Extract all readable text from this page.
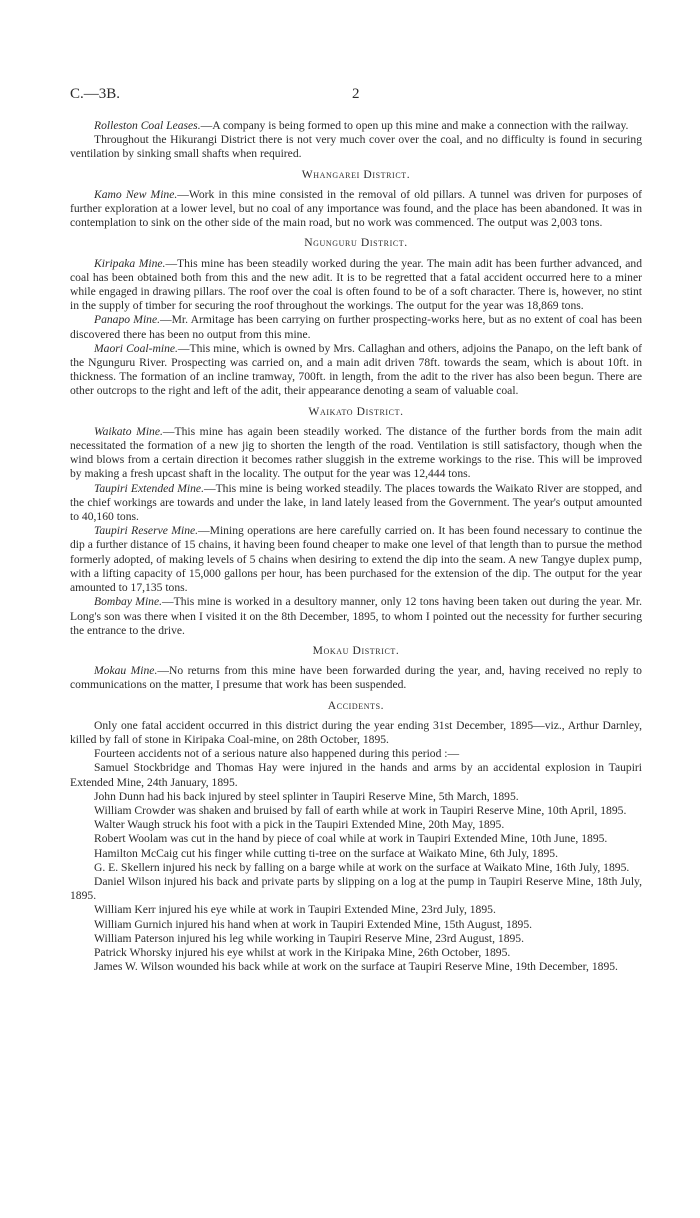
C.—3B.	2

Rolleston Coal Leases.—A company is being formed to open up this mine and make a connection with the railway.

Throughout the Hikurangi District there is not very much cover over the coal, and no difficulty is found in securing ventilation by sinking small shafts when required.

Whangarei District.

Kamo New Mine.—Work in this mine consisted in the removal of old pillars. A tunnel was driven for purposes of further exploration at a lower level, but no coal of any importance was found, and the place has been abandoned. It was in contemplation to sink on the other side of the main road, but no work was commenced. The output was 2,003 tons.

Ngunguru District.

Kiripaka Mine.—This mine has been steadily worked during the year. The main adit has been further advanced, and coal has been obtained both from this and the new adit. It is to be regretted that a fatal accident occurred here to a miner while engaged in drawing pillars. The roof over the coal is often found to be of a soft character. There is, however, no stint in the supply of timber for securing the roof throughout the workings. The output for the year was 18,869 tons.

Panapo Mine.—Mr. Armitage has been carrying on further prospecting-works here, but as no extent of coal has been discovered there has been no output from this mine.

Maori Coal-mine.—This mine, which is owned by Mrs. Callaghan and others, adjoins the Panapo, on the left bank of the Ngunguru River. Prospecting was carried on, and a main adit driven 78ft. towards the seam, which is about 10ft. in thickness. The formation of an incline tramway, 700ft. in length, from the adit to the river has also been begun. There are other outcrops to the right and left of the adit, their appearance denoting a seam of valuable coal.

Waikato District.

Waikato Mine.—This mine has again been steadily worked. The distance of the further bords from the main adit necessitated the formation of a new jig to shorten the length of the road. Ventilation is still satisfactory, though when the wind blows from a certain direction it becomes rather sluggish in the extreme workings to the rise. This will be improved by making a fresh upcast shaft in the locality. The output for the year was 12,444 tons.

Taupiri Extended Mine.—This mine is being worked steadily. The places towards the Waikato River are stopped, and the chief workings are towards and under the lake, in land lately leased from the Government. The year's output amounted to 40,160 tons.

Taupiri Reserve Mine.—Mining operations are here carefully carried on. It has been found necessary to continue the dip a further distance of 15 chains, it having been found cheaper to make one level of that length than to pursue the method formerly adopted, of making levels of 5 chains when desiring to extend the dip into the seam. A new Tangye duplex pump, with a lifting capacity of 15,000 gallons per hour, has been purchased for the extension of the dip. The output for the year amounted to 17,135 tons.

Bombay Mine.—This mine is worked in a desultory manner, only 12 tons having been taken out during the year. Mr. Long's son was there when I visited it on the 8th December, 1895, to whom I pointed out the necessity for further securing the entrance to the drive.

Mokau District.

Mokau Mine.—No returns from this mine have been forwarded during the year, and, having received no reply to communications on the matter, I presume that work has been suspended.

Accidents.

Only one fatal accident occurred in this district during the year ending 31st December, 1895—viz., Arthur Darnley, killed by fall of stone in Kiripaka Coal-mine, on 28th October, 1895.

Fourteen accidents not of a serious nature also happened during this period :—

Samuel Stockbridge and Thomas Hay were injured in the hands and arms by an accidental explosion in Taupiri Extended Mine, 24th January, 1895.

John Dunn had his back injured by steel splinter in Taupiri Reserve Mine, 5th March, 1895.

William Crowder was shaken and bruised by fall of earth while at work in Taupiri Reserve Mine, 10th April, 1895.

Walter Waugh struck his foot with a pick in the Taupiri Extended Mine, 20th May, 1895.

Robert Woolam was cut in the hand by piece of coal while at work in Taupiri Extended Mine, 10th June, 1895.

Hamilton McCaig cut his finger while cutting ti-tree on the surface at Waikato Mine, 6th July, 1895.

G. E. Skellern injured his neck by falling on a barge while at work on the surface at Waikato Mine, 16th July, 1895.

Daniel Wilson injured his back and private parts by slipping on a log at the pump in Taupiri Reserve Mine, 18th July, 1895.

William Kerr injured his eye while at work in Taupiri Extended Mine, 23rd July, 1895.

William Gurnich injured his hand when at work in Taupiri Extended Mine, 15th August, 1895.

William Paterson injured his leg while working in Taupiri Reserve Mine, 23rd August, 1895.

Patrick Whorsky injured his eye whilst at work in the Kiripaka Mine, 26th October, 1895.

James W. Wilson wounded his back while at work on the surface at Taupiri Reserve Mine, 19th December, 1895.
